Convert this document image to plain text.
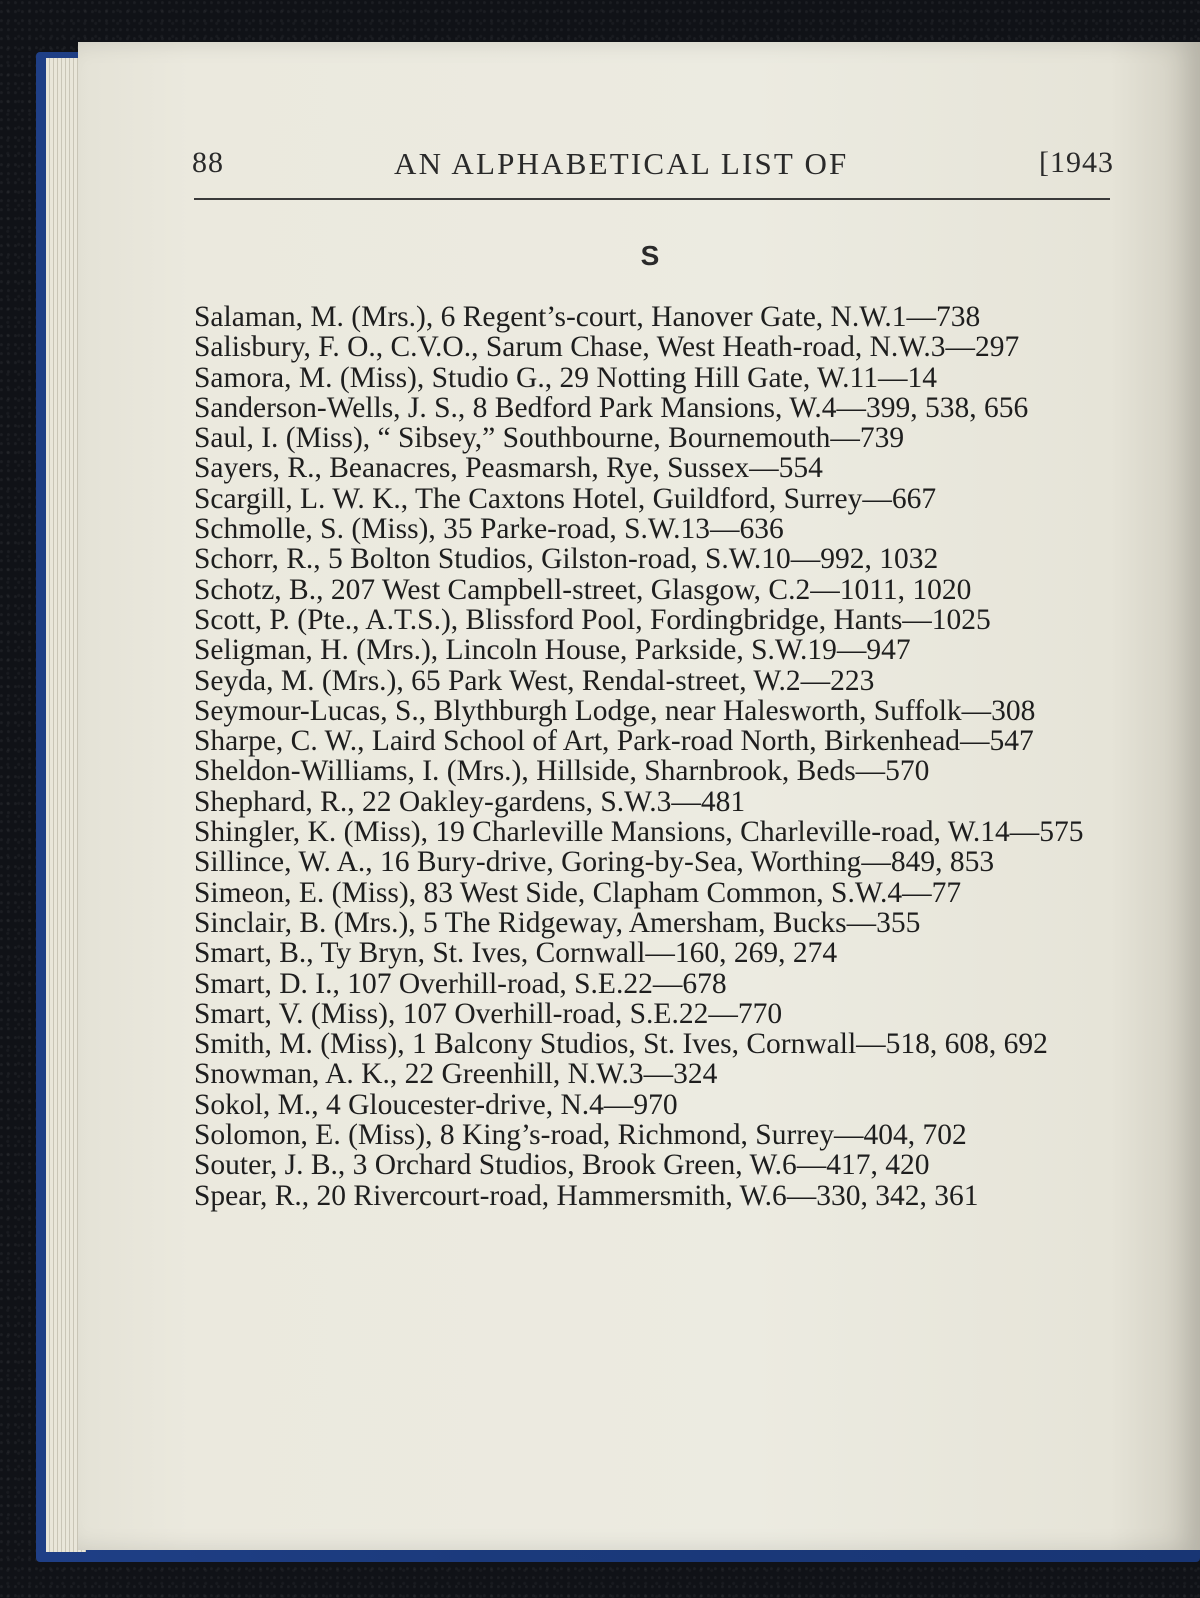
88	AN ALPHABETICAL LIST OF	[1943
S
Salaman, M. (Mrs.), 6 Regent’s-court, Hanover Gate, N.W.1—738
Salisbury, F. O., C.V.O., Sarum Chase, West Heath-road, N.W.3—297
Samora, M. (Miss), Studio G., 29 Notting Hill Gate, W.11—14
Sanderson-Wells, J. S., 8 Bedford Park Mansions, W.4—399, 538, 656
Saul, I. (Miss), “ Sibsey,” Southbourne, Bournemouth—739
Sayers, R., Beanacres, Peasmarsh, Rye, Sussex—554
Scargill, L. W. K., The Caxtons Hotel, Guildford, Surrey—667
Schmolle, S. (Miss), 35 Parke-road, S.W.13—636
Schorr, R., 5 Bolton Studios, Gilston-road, S.W.10—992, 1032
Schotz, B., 207 West Campbell-street, Glasgow, C.2—1011, 1020
Scott, P. (Pte., A.T.S.), Blissford Pool, Fordingbridge, Hants—1025
Seligman, H. (Mrs.), Lincoln House, Parkside, S.W.19—947
Seyda, M. (Mrs.), 65 Park West, Rendal-street, W.2—223
Seymour-Lucas, S., Blythburgh Lodge, near Halesworth, Suffolk—308
Sharpe, C. W., Laird School of Art, Park-road North, Birkenhead—547
Sheldon-Williams, I. (Mrs.), Hillside, Sharnbrook, Beds—570
Shephard, R., 22 Oakley-gardens, S.W.3—481
Shingler, K. (Miss), 19 Charleville Mansions, Charleville-road, W.14—575
Sillince, W. A., 16 Bury-drive, Goring-by-Sea, Worthing—849, 853
Simeon, E. (Miss), 83 West Side, Clapham Common, S.W.4—77
Sinclair, B. (Mrs.), 5 The Ridgeway, Amersham, Bucks—355
Smart, B., Ty Bryn, St. Ives, Cornwall—160, 269, 274
Smart, D. I., 107 Overhill-road, S.E.22—678
Smart, V. (Miss), 107 Overhill-road, S.E.22—770
Smith, M. (Miss), 1 Balcony Studios, St. Ives, Cornwall—518, 608, 692
Snowman, A. K., 22 Greenhill, N.W.3—324
Sokol, M., 4 Gloucester-drive, N.4—970
Solomon, E. (Miss), 8 King’s-road, Richmond, Surrey—404, 702
Souter, J. B., 3 Orchard Studios, Brook Green, W.6—417, 420
Spear, R., 20 Rivercourt-road, Hammersmith, W.6—330, 342, 361
